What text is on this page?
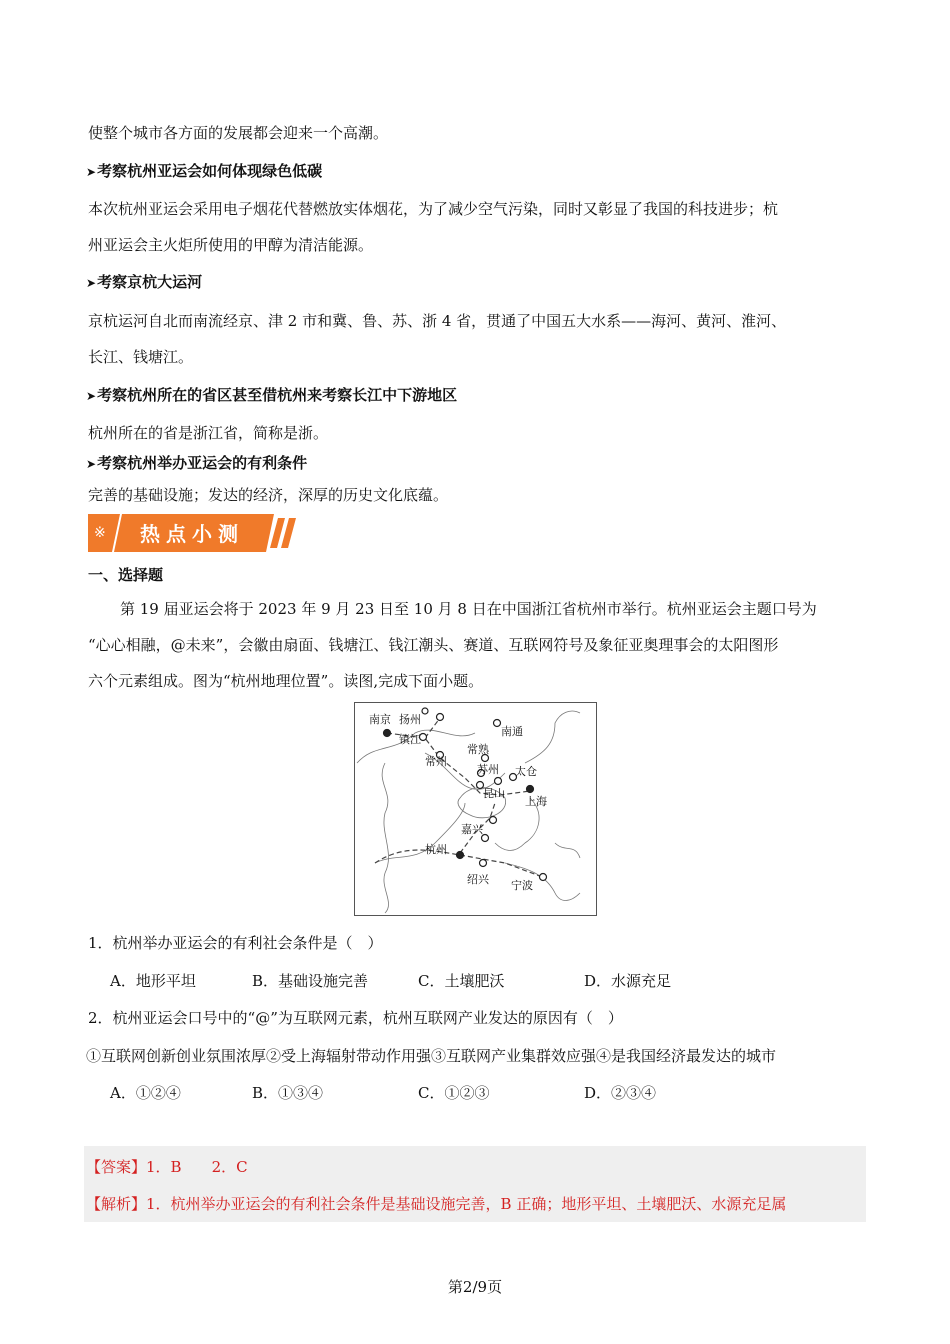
使整个城市各方面的发展都会迎来一个高潮。
➤考察杭州亚运会如何体现绿色低碳
本次杭州亚运会采用电子烟花代替燃放实体烟花，为了减少空气污染，同时又彰显了我国的科技进步；杭
州亚运会主火炬所使用的甲醇为清洁能源。
➤考察京杭大运河
京杭运河自北而南流经京、津 2 市和冀、鲁、苏、浙 4 省，贯通了中国五大水系——海河、黄河、淮河、
长江、钱塘江。
➤考察杭州所在的省区甚至借杭州来考察长江中下游地区
杭州所在的省是浙江省，简称是浙。
➤考察杭州举办亚运会的有利条件
完善的基础设施；发达的经济，深厚的历史文化底蕴。
※ 热点小测
一、选择题
第 19 届亚运会将于 2023 年 9 月 23 日至 10 月 8 日在中国浙江省杭州市举行。杭州亚运会主题口号为
“心心相融，@未来”，会徽由扇面、钱塘江、钱江潮头、赛道、互联网符号及象征亚奥理事会的太阳图形
六个元素组成。图为“杭州地理位置”。读图,完成下面小题。
南京 扬州
镇江
南通
常州
常熟
苏州 太仓
昆山
上海
嘉兴
杭州
绍兴 宁波
1．杭州举办亚运会的有利社会条件是（　）
A．地形平坦	B．基础设施完善	C．土壤肥沃	D．水源充足
2．杭州亚运会口号中的“@”为互联网元素，杭州互联网产业发达的原因有（　）
①互联网创新创业氛围浓厚②受上海辐射带动作用强③互联网产业集群效应强④是我国经济最发达的城市
A．①②④	B．①③④	C．①②③	D．②③④
【答案】1．B　　2．C
【解析】1．杭州举办亚运会的有利社会条件是基础设施完善，B 正确；地形平坦、土壤肥沃、水源充足属
第2/9页
